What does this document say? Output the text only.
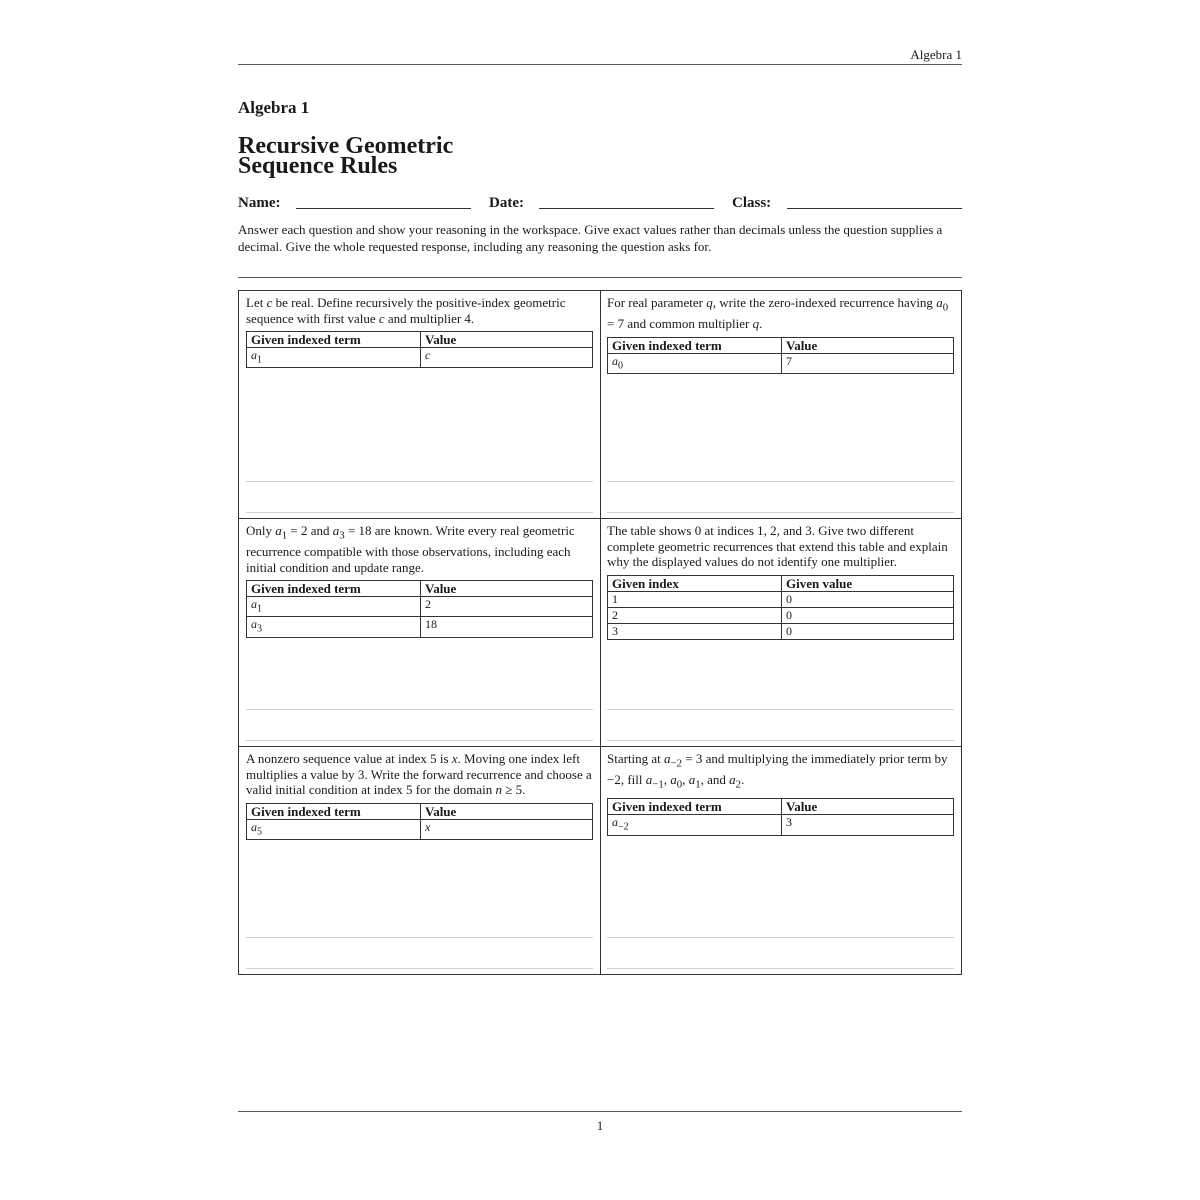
Algebra 1
Algebra 1
Recursive Geometric
Sequence Rules
Name:	Date:	Class:
Answer each question and show your reasoning in the workspace. Give exact values rather than decimals unless the question supplies a decimal. Give the whole requested response, including any reasoning the question asks for.

Let c be real. Define recursively the positive-index geometric sequence with first value c and multiplier 4.

Given indexed term	Value
$a_1$	c

For real parameter q, write the zero-indexed recurrence having $a_0 = 7$ and common multiplier q.

Given indexed term	Value
$a_0$	7

Only $a_1 = 2$ and $a_3 = 18$ are known. Write every real geometric recurrence compatible with those observations, including each initial condition and update range.

Given indexed term	Value
$a_1$	2
$a_3$	18

The table shows 0 at indices 1, 2, and 3. Give two different complete geometric recurrences that extend this table and explain why the displayed values do not identify one multiplier.

Given index	Given value
1	0
2	0
3	0

A nonzero sequence value at index 5 is x. Moving one index left multiplies a value by 3. Write the forward recurrence and choose a valid initial condition at index 5 for the domain n ≥ 5.

Given indexed term	Value
$a_5$	x

Starting at $a_{-2} = 3$ and multiplying the immediately prior term by −2, fill $a_{-1}$, $a_0$, $a_1$, and $a_2$.

Given indexed term	Value
$a_{-2}$	3
1
